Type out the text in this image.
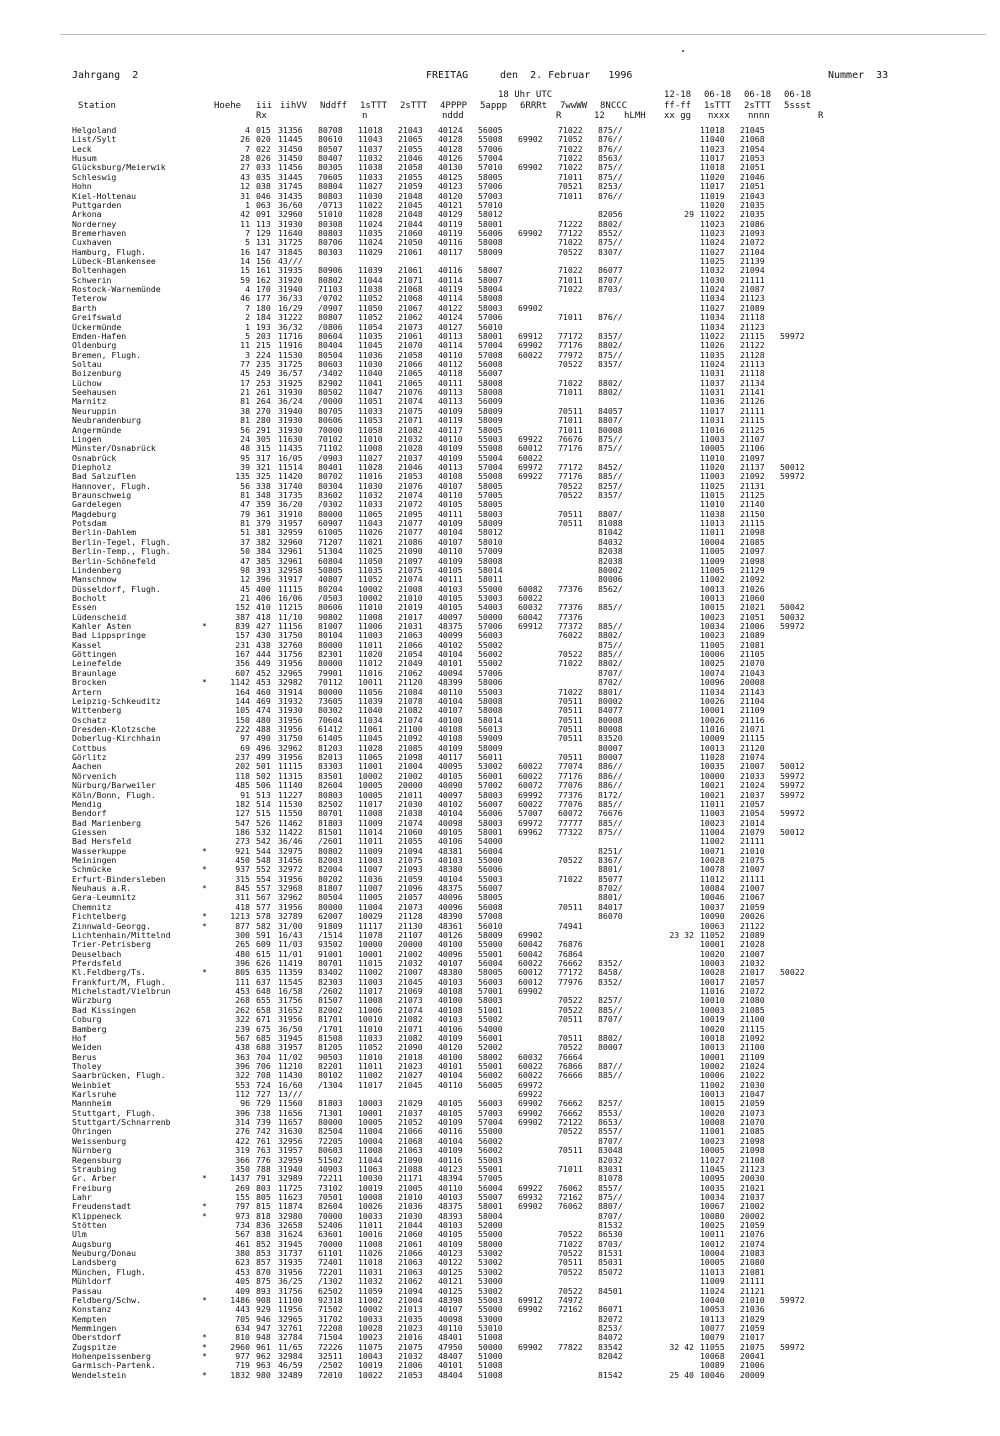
Jahrgang  2	FREITAG	den  2. Februar   1996	Nummer  33
18 Uhr UTC	12-18 06-18 06-18 06-18
Station	Hoehe iii iihVV Nddff 1sTTT 2sTTT 4PPPP 5appp 6RRRt 7wwWW 8NCCC	ff-ff 1sTTT 2sTTT 5ssst
Rx	n	nddd	R	12 hLMH xx gg nxxx nnnn	R
Helgoland	4 015 31356 80708 11018 21043 40124 56005	71022 875//	11018 21045
List/Sylt	26 020 11445 80610 11043 21065 40128 55008 69902 71052 876//	11040 21068
Leck	7 022 31450 80507 11037 21055 40128 57006	71022 876//	11023 21054
Husum	28 026 31450 80407 11032 21046 40126 57004	71022 8563/	11017 21053
Glücksburg/Meierwik	27 033 11456 80305 11038 21058 40130 57010 69902 71022 875//	11018 21051
Schleswig	43 035 31445 70605 11033 21055 40125 58005	71011 875//	11020 21046
Hohn	12 038 31745 80804 11027 21059 40123 57006	70521 8253/	11017 21051
Kiel-Holtenau	31 046 31435 80803 11030 21048 40120 57003	71011 876//	11019 21043
Puttgarden	1 063 36/60 /0713 11022 21045 40121 57010	11020 21035
Arkona	42 091 32960 51010 11028 21048 40129 58012	82056	29 11022 21035
Norderney	11 113 31930 80308 11024 21044 40119 58001	71222 8802/	11023 21086
Bremerhaven	7 129 11640 80803 11035 21060 40119 56006 69902 77122 8552/	11023 21093
Cuxhaven	5 131 31725 80706 11024 21050 40116 58008	71022 875//	11024 21072
Hamburg, Flugh.	16 147 31845 80303 11029 21061 40117 58009	70522 8307/	11027 21104
Lübeck-Blankensee	14 156 43///	11025 21139
Boltenhagen	15 161 31935 80906 11039 21061 40116 58007	71022 86077	11032 21094
Schwerin	59 162 31920 80802 11044 21071 40114 58007	71011 8707/	11030 21111
Rostock-Warnemünde	4 170 31940 71103 11038 21068 40119 58004	71022 8703/	11024 21087
Teterow	46 177 36/33 /0702 11052 21068 40114 58008	11034 21123
Barth	7 180 16/29 /0907 11050 21067 40122 58003 69902	11027 21089
Greifswald	2 184 31222 80807 11052 21062 40124 57006	71011 876//	11034 21118
Ückermünde	1 193 36/32 /0806 11054 21073 40127 56010	11034 21123
Emden-Hafen	5 203 11716 80604 11035 21061 40113 58001 69912 77172 8357/	11022 21115 59972
Oldenburg	11 215 11916 80404 11045 21070 40114 57004 69902 77176 8802/	11026 21122
Bremen, Flugh.	3 224 11530 80504 11036 21058 40110 57008 60022 77972 875//	11035 21128
Soltau	77 235 31725 80603 11030 21066 40112 56008	70522 8357/	11024 21113
Boizenburg	45 249 36/57 /3402 11040 21065 40118 56007	11031 21118
Lüchow	17 253 31925 82902 11041 21065 40111 58008	71022 8802/	11037 21134
Seehausen	21 261 31930 80502 11047 21076 40113 58008	71011 8802/	11031 21141
Marnitz	81 264 36/24 /0000 11051 21074 40113 56009	11036 21126
Neuruppin	38 270 31940 80705 11033 21075 40109 58009	70511 84057	11017 21111
Neubrandenburg	81 280 31930 80606 11053 21071 40119 58009	71011 8807/	11031 21115
Angermünde	56 291 31930 70000 11058 21082 40117 58005	71011 80008	11016 21125
Lingen	24 305 11630 70102 11010 21032 40110 55003 69922 76676 875//	11003 21107
Münster/Osnabrück	48 315 11435 71102 11008 21028 40109 55008 60012 77176 875//	10005 21106
Osnabrück	95 317 16/05 /0903 11027 21037 40109 55004 60022	11010 21097
Diepholz	39 321 11514 80401 11028 21046 40113 57004 69972 77172 8452/	11020 21137 50012
Bad Salzuflen	135 325 11420 80702 11016 21053 40108 55008 69922 77176 885//	11003 21092 59972
Hannover, Flugh.	56 338 31740 80304 11030 21076 40107 58005	70522 8257/	11025 21131
Braunschweig	81 348 31735 83602 11032 21074 40110 57005	70522 8357/	11015 21125
Gardelegen	47 359 36/20 /0302 11033 21072 40105 58005	11010 21140
Magdeburg	79 361 31910 80000 11065 21095 40111 58003	70511 8807/	11038 21150
Potsdam	81 379 31957 60907 11043 21077 40109 58009	70511 81088	11013 21115
Berlin-Dahlem	51 381 32959 61005 11026 21077 40104 58012	81042	11011 21098
Berlin-Tegel, Flugh.	37 382 32960 71207 11021 21086 40107 58010	84032	10004 21085
Berlin-Temp., Flugh.	50 384 32961 51304 11025 21090 40110 57009	82038	11005 21097
Berlin-Schönefeld	47 385 32961 60804 11050 21097 40109 58008	82038	11009 21098
Lindenberg	98 393 32958 50805 11035 21075 40105 58014	80002	11005 21129
Manschnow	12 396 31917 40807 11052 21074 40111 58011	80006	11002 21092
Düsseldorf, Flugh.	45 400 11115 80204 10002 21008 40103 55000 60082 77376 8562/	10013 21026
Bocholt	21 406 16/06 /0503 10002 21010 40105 53003 60022	10013 21060
Essen	152 410 11215 80606 11010 21019 40105 54003 60032 77376 885//	10015 21021 50042
Lüdenscheid	387 418 11/10 90802 11008 21017 40097 50000 60042 77376	10023 21051 50032
Kahler Asten	*	839 427 11156 81007 11006 21031 48375 57006 69912 77372 885//	10034 21006 59972
Bad Lippspringe	157 430 31750 80104 11003 21063 40099 56003	76022 8802/	10023 21089
Kassel	231 438 32760 80000 11011 21066 40102 55002	875//	11005 21081
Göttingen	167 444 31756 82301 11020 21054 40104 56002	70522 885//	10006 21105
Leinefelde	356 449 31956 80000 11012 21049 40101 55002	71022 8802/	10025 21070
Braunlage	607 452 32965 79901 11016 21062 40094 57006	8707/	10074 21043
Brocken	*	1142 453 32982 70112 10011 21120 48399 58006	8702/	10096 20008
Artern	164 460 31914 80000 11056 21084 40110 55003	71022 8801/	11034 21143
Leipzig-Schkeuditz	144 469 31932 73605 11039 21078 40104 58008	70511 80002	10026 21104
Wittenberg	105 474 31930 80302 11040 21082 40107 58008	70511 84077	10001 21109
Oschatz	150 480 31956 70604 11034 21074 40100 58014	70511 80008	10026 21116
Dresden-Klotzsche	222 488 31956 61412 11061 21100 40108 56013	70511 80008	11016 21071
Doberlug-Kirchhain	97 490 31750 61405 11045 21092 40108 59009	70511 83520	10009 21115
Cottbus	69 496 32962 81203 11028 21085 40109 58009	80007	10013 21120
Görlitz	237 499 31956 82013 11065 21098 40117 56011	70511 80007	11028 21074
Aachen	202 501 11115 83303 11001 21004 40095 53002 60022 77074 886//	10035 21007 50012
Nörvenich	118 502 11315 83501 10002 21002 40105 56001 60022 77176 886//	10000 21033 59972
Nürburg/Barweiler	485 506 11140 82604 10005 20000 40090 57002 60072 77076 886//	10021 21024 59972
Köln/Bonn, Flugh.	91 513 11227 80803 10005 21011 40097 58003 69992 77376 8172/	10021 21037 59972
Mendig	182 514 11530 82502 11017 21030 40102 56007 60022 77076 885//	11011 21057
Bendorf	127 515 11550 80701 11008 21038 40104 56006 57007 60072 76676	11003 21054 59972
Bad Marienberg	547 526 11462 81803 11009 21074 40098 58003 69972 77777 885//	10023 21014
Giessen	186 532 11422 81501 11014 21060 40105 58001 69962 77322 875//	11004 21079 50012
Bad Hersfeld	273 542 36/46 /2601 11011 21055 40106 54000	11002 21111
Wasserkuppe	*	921 544 32975 80802 11009 21094 48381 56004	8251/	10071 21010
Meiningen	450 548 31456 82003 11003 21075 40103 55000	70522 8367/	10028 21075
Schmücke	*	937 552 32972 82004 11007 21093 48380 56006	8801/	10078 21007
Erfurt-Bindersleben	315 554 31956 80202 11036 21059 40104 55003	71022 85077	11012 21111
Neuhaus a.R.	*	845 557 32968 81807 11007 21096 48375 56007	8702/	10084 21007
Gera-Leumnitz	311 567 32962 80504 11005 21057 40096 58005	8801/	10046 21067
Chemnitz	418 577 31956 80000 11004 21073 40096 56008	70511 84017	10037 21059
Fichtelberg	*	1213 578 32789 62007 10029 21128 48390 57008	86070	10090 20026
Zinnwald-Georgg.	*	877 582 31/00 91809 11117 21130 48361 56010	74941	10063 21122
Lichtenhain/Mittelnd	300 591 16/43 /1514 11078 21107 40126 58009 69902	23 32 11052 21089
Trier-Petrisberg	265 609 11/03 93502 10000 20000 40100 55000 60042 76876	10001 21028
Deuselbach	480 615 11/01 91001 10001 21002 40096 55001 60042 76864	10020 21007
Pferdsfeld	396 626 11419 80701 11015 21032 40107 56004 60022 76662 8352/	10003 21032
Kl.Feldberg/Ts.	*	805 635 11359 83402 11002 21007 48380 58005 60012 77172 8458/	10028 21017 50022
Frankfurt/M, Flugh.	111 637 11545 82303 11003 21045 40103 56003 60012 77976 8352/	10017 21057
Michelstadt/Vielbrun	453 648 16/58 /2602 11017 21069 40108 57001 69902	11016 21072
Würzburg	268 655 31756 81507 11008 21073 40100 58003	70522 8257/	10010 21080
Bad Kissingen	262 658 31652 82002 11006 21074 40108 51001	70522 885//	10003 21085
Coburg	322 671 31956 81701 10010 21082 40103 55002	70511 8707/	10019 21100
Bamberg	239 675 36/50 /1701 11010 21071 40106 54000	10020 21115
Hof	567 685 31945 81508 11033 21082 40109 56001	70511 8802/	10018 21092
Weiden	438 688 31957 81205 11052 21090 40120 52002	70522 80007	10013 21100
Berus	363 704 11/02 90503 11010 21018 40100 58002 60032 76664	10001 21109
Tholey	396 706 11210 82201 11011 21023 40101 55001 60022 76866 887//	10002 21024
Saarbrücken, Flugh.	322 708 11430 80102 11002 21027 40104 56002 60022 76666 885//	10006 21022
Weinbiet	553 724 16/60 /1304 11017 21045 40110 56005 69972	11002 21030
Karlsruhe	112 727 13///	69922	10013 21047
Mannheim	96 729 11560 81803 10003 21029 40105 56003 69902 76662 8257/	10015 21059
Stuttgart, Flugh.	396 738 11656 71301 10001 21037 40105 57003 69902 76662 8553/	10020 21073
Stuttgart/Schnarrenb	314 739 11657 80000 10005 21052 40109 57004 69902 72122 8653/	10008 21070
Öhringen	276 742 31630 82504 11004 21066 40116 55000	70522 8557/	11001 21085
Weissenburg	422 761 32956 72205 10004 21068 40104 56002	8707/	10023 21098
Nürnberg	319 763 31957 80603 11008 21063 40109 56002	70511 83048	10005 21098
Regensburg	366 776 32959 51502 11044 21090 40116 55003	82032	11027 21108
Straubing	350 788 31940 40903 11063 21088 40123 55001	71011 83031	11045 21123
Gr. Arber	*	1437 791 32989 72211 10030 21171 48394 57005	81078	10095 20030
Freiburg	269 803 11725 73102 10019 21005 40110 56004 69922 76062 8557/	10035 21021
Lahr	155 805 11623 70501 10008 21010 40103 55007 69932 72162 875//	10034 21037
Freudenstadt	*	797 815 11874 82604 10026 21036 48375 58001 69902 76062 8807/	10067 21002
Klippeneck	*	973 818 32980 70000 10033 21030 48393 58004	8707/	10080 20002
Stötten	734 836 32658 52406 11011 21044 40103 52000	81532	10025 21059
Ulm	567 838 31624 63601 10016 21060 40105 55000	70522 86530	10011 21076
Augsburg	461 852 31945 70000 11008 21061 40109 58000	71022 8703/	10012 21074
Neuburg/Donau	380 853 31737 61101 11026 21066 40123 53002	70522 81531	10004 21083
Landsberg	623 857 31935 72401 11018 21063 40122 53002	70511 85031	10005 21080
München, Flugh.	453 870 31956 72201 11031 21063 40125 53002	70522 85072	11013 21081
Mühldorf	405 875 36/25 /1302 11032 21062 40121 53000	11009 21111
Passau	409 893 31756 62502 11059 21094 40125 53002	70522 84501	11024 21121
Feldberg/Schw.	*	1486 908 11100 92318 11002 21004 48398 55003 69912 74972	10040 21010 59972
Konstanz	443 929 11956 71502 10002 21013 40107 55000 69902 72162 86071	10053 21036
Kempten	705 946 32965 31702 10033 21035 40098 53000	82072	10113 21029
Memmingen	634 947 32761 72208 10028 21023 40110 53010	8253/	10077 21059
Oberstdorf	*	810 948 32784 71504 10023 21016 48401 51008	84072	10079 21017
Zugspitze	*	2960 961 11/65 72226 11075 21075 47950 50000 69902 77822 83542	32 42 11055 21075 59972
Hohenpeissenberg	*	977 962 32984 32511 10043 21032 48407 51000	82042	10068 20041
Garmisch-Partenk.	719 963 46/59 /2502 10019 21006 40101 51008	10089 21006
Wendelstein	*	1832 980 32489 72010 10022 21053 48404 51008	81542	25 40 10046 20009
